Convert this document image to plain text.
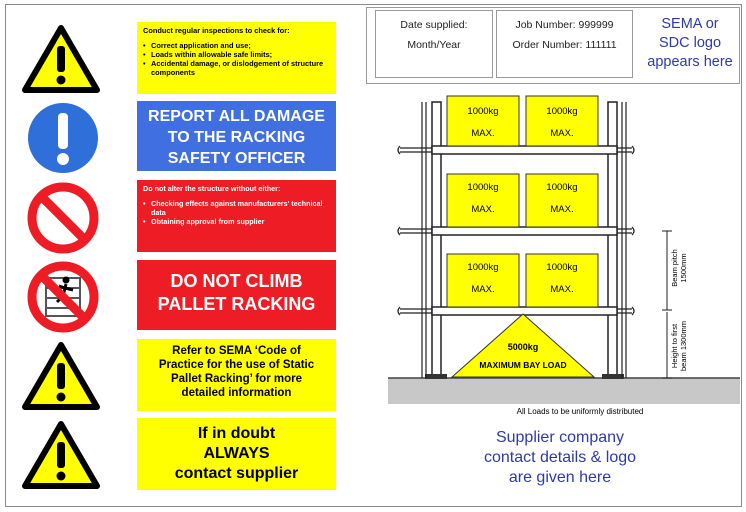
Conduct regular inspections to check for:
• Correct application and use;
• Loads within allowable safe limits;
• Accidental damage, or dislodgement of structure components
REPORT ALL DAMAGE
TO THE RACKING
SAFETY OFFICER
Do not alter the structure without either:
• Checking effects against manufacturers' technical data
• Obtaining approval from supplier
DO NOT CLIMB
PALLET RACKING
Refer to SEMA ‘Code of
Practice for the use of Static
Pallet Racking’ for more
detailed information
If in doubt
ALWAYS
contact supplier
Date supplied:
Month/Year
Job Number: 999999
Order Number: 111111
SEMA or
SDC logo
appears here
1000kg
MAX.
1000kg
MAX.
1000kg
MAX.
1000kg
MAX.
1000kg
MAX.
1000kg
MAX.
5000kg
MAXIMUM BAY LOAD
Beam pitch 1500mm
Height to first beam 1300mm
All Loads to be uniformly distributed
Supplier company
contact details & logo
are given here
